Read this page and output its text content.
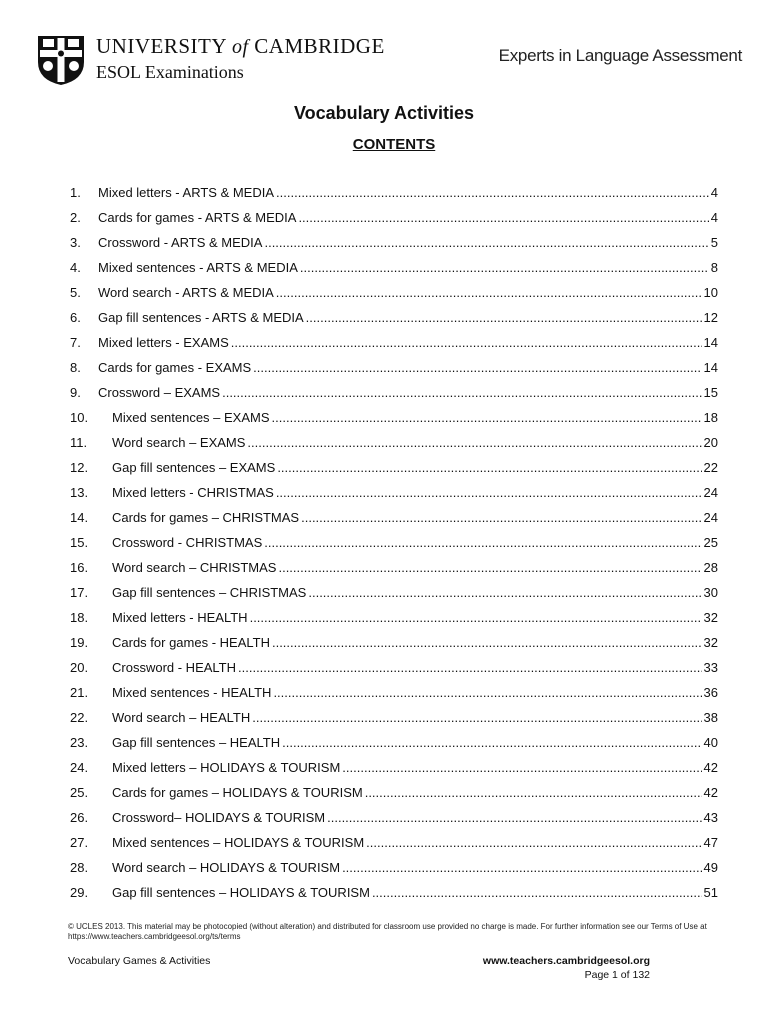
UNIVERSITY of CAMBRIDGE
ESOL Examinations
Experts in Language Assessment
Vocabulary Activities
CONTENTS
1.	Mixed letters - ARTS & MEDIA .....	4
2.	Cards for games - ARTS & MEDIA .....	4
3.	Crossword - ARTS & MEDIA .....	5
4.	Mixed sentences - ARTS & MEDIA .....	8
5.	Word search - ARTS & MEDIA .....	10
6.	Gap fill sentences - ARTS & MEDIA .....	12
7.	Mixed letters - EXAMS .....	14
8.	Cards for games - EXAMS .....	14
9.	Crossword – EXAMS .....	15
10.	Mixed sentences – EXAMS .....	18
11.	Word search – EXAMS .....	20
12.	Gap fill sentences – EXAMS .....	22
13.	Mixed letters - CHRISTMAS .....	24
14.	Cards for games – CHRISTMAS .....	24
15.	Crossword - CHRISTMAS .....	25
16.	Word search – CHRISTMAS .....	28
17.	Gap fill sentences – CHRISTMAS .....	30
18.	Mixed letters - HEALTH .....	32
19.	Cards for games - HEALTH .....	32
20.	Crossword - HEALTH .....	33
21.	Mixed sentences - HEALTH .....	36
22.	Word search – HEALTH .....	38
23.	Gap fill sentences – HEALTH .....	40
24.	Mixed letters – HOLIDAYS & TOURISM .....	42
25.	Cards for games – HOLIDAYS & TOURISM .....	42
26.	Crossword– HOLIDAYS & TOURISM .....	43
27.	Mixed sentences – HOLIDAYS & TOURISM .....	47
28.	Word search – HOLIDAYS & TOURISM .....	49
29.	Gap fill sentences – HOLIDAYS & TOURISM .....	51
© UCLES 2013. This material may be photocopied (without alteration) and distributed for classroom use provided no charge is made. For further information see our Terms of Use at https://www.teachers.cambridgeesol.org/ts/terms
Vocabulary Games & Activities	www.teachers.cambridgeesol.org
Page 1 of 132
